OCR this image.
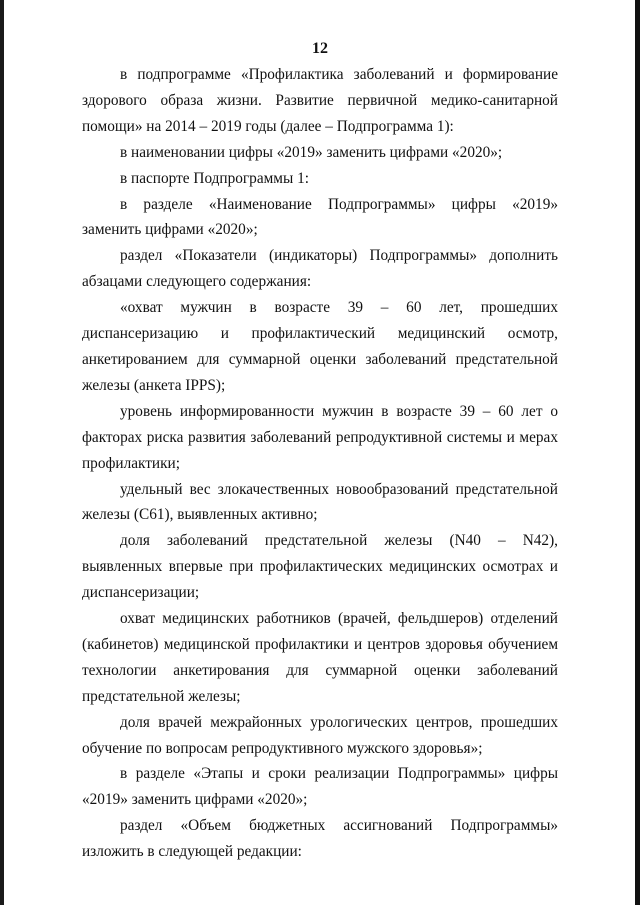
12

в подпрограмме «Профилактика заболеваний и формирование здорового образа жизни. Развитие первичной медико-санитарной помощи» на 2014 – 2019 годы (далее – Подпрограмма 1):

в наименовании цифры «2019» заменить цифрами «2020»;

в паспорте Подпрограммы 1:

в разделе «Наименование Подпрограммы» цифры «2019» заменить цифрами «2020»;

раздел «Показатели (индикаторы) Подпрограммы» дополнить абзацами следующего содержания:

«охват мужчин в возрасте 39 – 60 лет, прошедших диспансеризацию и профилактический медицинский осмотр, анкетированием для суммарной оценки заболеваний предстательной железы (анкета IPPS);

уровень информированности мужчин в возрасте 39 – 60 лет о факторах риска развития заболеваний репродуктивной системы и мерах профилактики;

удельный вес злокачественных новообразований предстательной железы (С61), выявленных активно;

доля заболеваний предстательной железы (N40 – N42), выявленных впервые при профилактических медицинских осмотрах и диспансеризации;

охват медицинских работников (врачей, фельдшеров) отделений (кабинетов) медицинской профилактики и центров здоровья обучением технологии анкетирования для суммарной оценки заболеваний предстательной железы;

доля врачей межрайонных урологических центров, прошедших обучение по вопросам репродуктивного мужского здоровья»;

в разделе «Этапы и сроки реализации Подпрограммы» цифры «2019» заменить цифрами «2020»;

раздел «Объем бюджетных ассигнований Подпрограммы» изложить в следующей редакции:
